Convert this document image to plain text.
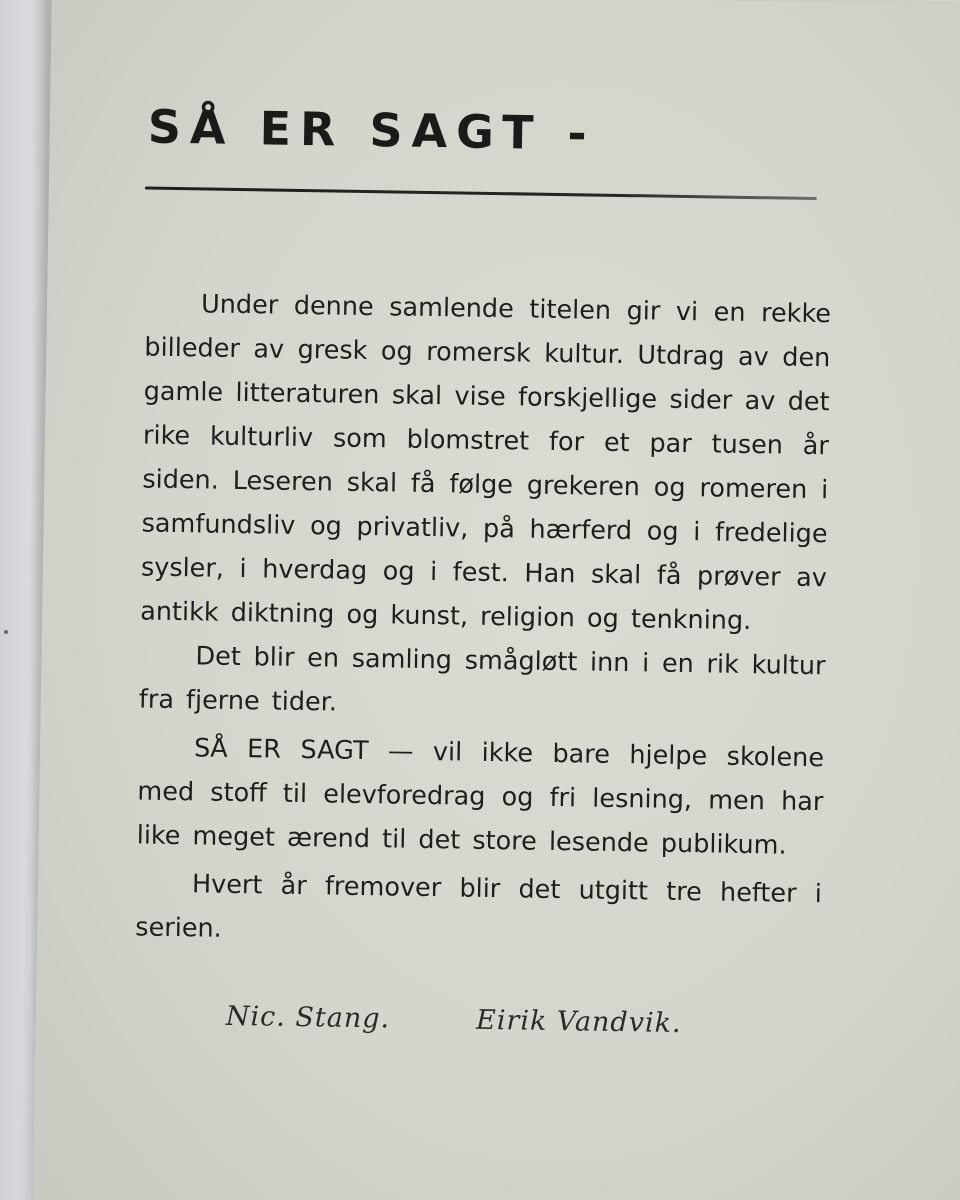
SÅ ER SAGT -

Under denne samlende titelen gir vi en rekke billeder av gresk og romersk kultur. Utdrag av den gamle litteraturen skal vise forskjellige sider av det rike kulturliv som blomstret for et par tusen år siden. Leseren skal få følge grekeren og romeren i samfundsliv og privatliv, på hærferd og i fredelige sysler, i hverdag og i fest. Han skal få prøver av antikk diktning og kunst, religion og tenkning.

Det blir en samling smågløtt inn i en rik kultur fra fjerne tider.

SÅ ER SAGT — vil ikke bare hjelpe skolene med stoff til elevforedrag og fri lesning, men har like meget ærend til det store lesende publikum.

Hvert år fremover blir det utgitt tre hefter i serien.

Nic. Stang.	Eirik Vandvik.
